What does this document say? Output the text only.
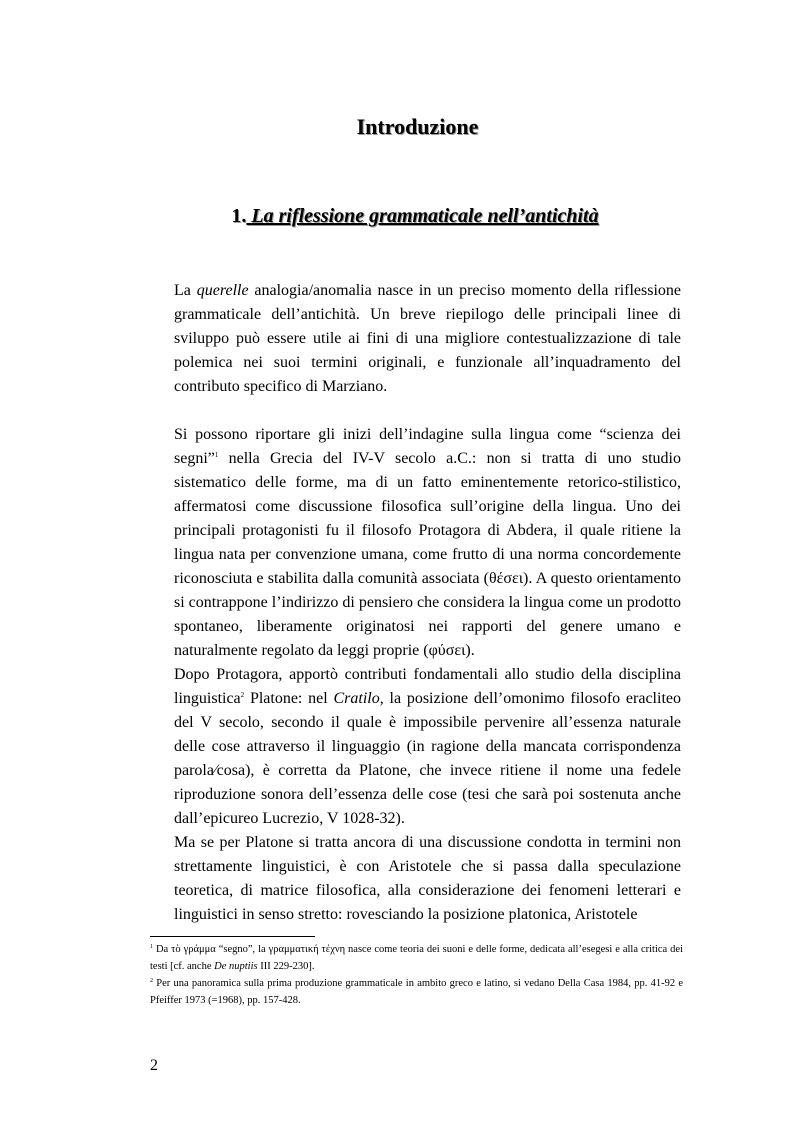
Introduzione
1. La riflessione grammaticale nell’antichità

La querelle analogia/anomalia nasce in un preciso momento della riflessione grammaticale dell’antichità. Un breve riepilogo delle principali linee di sviluppo può essere utile ai fini di una migliore contestualizzazione di tale polemica nei suoi termini originali, e funzionale all’inquadramento del contributo specifico di Marziano.

Si possono riportare gli inizi dell’indagine sulla lingua come “scienza dei segni”$^1$ nella Grecia del IV-V secolo a.C.: non si tratta di uno studio sistematico delle forme, ma di un fatto eminentemente retorico-stilistico, affermatosi come discussione filosofica sull’origine della lingua. Uno dei principali protagonisti fu il filosofo Protagora di Abdera, il quale ritiene la lingua nata per convenzione umana, come frutto di una norma concordemente riconosciuta e stabilita dalla comunità associata (θέσει). A questo orientamento si contrappone l’indirizzo di pensiero che considera la lingua come un prodotto spontaneo, liberamente originatosi nei rapporti del genere umano e naturalmente regolato da leggi proprie (φύσει).

Dopo Protagora, apportò contributi fondamentali allo studio della disciplina linguistica$^2$ Platone: nel Cratilo, la posizione dell’omonimo filosofo eracliteo del V secolo, secondo il quale è impossibile pervenire all’essenza naturale delle cose attraverso il linguaggio (in ragione della mancata corrispondenza parola⁄cosa), è corretta da Platone, che invece ritiene il nome una fedele riproduzione sonora dell’essenza delle cose (tesi che sarà poi sostenuta anche dall’epicureo Lucrezio, V 1028-32).

Ma se per Platone si tratta ancora di una discussione condotta in termini non strettamente linguistici, è con Aristotele che si passa dalla speculazione teoretica, di matrice filosofica, alla considerazione dei fenomeni letterari e linguistici in senso stretto: rovesciando la posizione platonica, Aristotele

$^1$ Da τὸ γράμμα “segno”, la γραμματική τέχνη nasce come teoria dei suoni e delle forme, dedicata all’esegesi e alla critica dei testi [cf. anche De nuptiis III 229-230].

$^2$ Per una panoramica sulla prima produzione grammaticale in ambito greco e latino, si vedano Della Casa 1984, pp. 41-92 e Pfeiffer 1973 (=1968), pp. 157-428.

2
